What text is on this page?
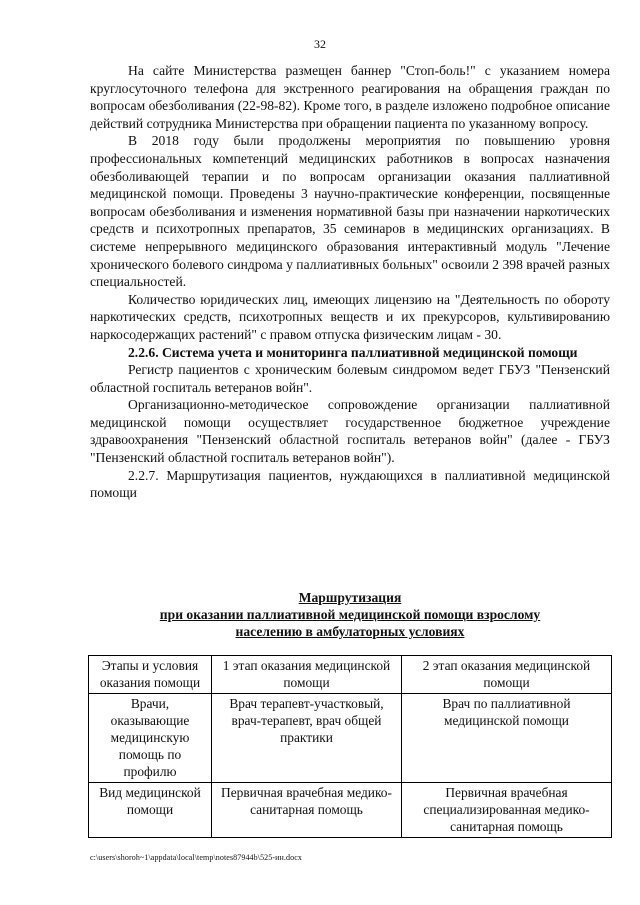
32

На сайте Министерства размещен баннер "Стоп-боль!" с указанием номера круглосуточного телефона для экстренного реагирования на обращения граждан по вопросам обезболивания (22-98-82). Кроме того, в разделе изложено подробное описание действий сотрудника Министерства при обращении пациента по указанному вопросу.

В 2018 году были продолжены мероприятия по повышению уровня профессиональных компетенций медицинских работников в вопросах назначения обезболивающей терапии и по вопросам организации оказания паллиативной медицинской помощи. Проведены 3 научно-практические конференции, посвященные вопросам обезболивания и изменения нормативной базы при назначении наркотических средств и психотропных препаратов, 35 семинаров в медицинских организациях. В системе непрерывного медицинского образования интерактивный модуль "Лечение хронического болевого синдрома у паллиативных больных" освоили 2 398 врачей разных специальностей.

Количество юридических лиц, имеющих лицензию на "Деятельность по обороту наркотических средств, психотропных веществ и их прекурсоров, культивированию наркосодержащих растений" с правом отпуска физическим лицам - 30.

2.2.6. Система учета и мониторинга паллиативной медицинской помощи

Регистр пациентов с хроническим болевым синдромом ведет ГБУЗ "Пензенский областной госпиталь ветеранов войн".

Организационно-методическое сопровождение организации паллиативной медицинской помощи осуществляет государственное бюджетное учреждение здравоохранения "Пензенский областной госпиталь ветеранов войн" (далее - ГБУЗ "Пензенский областной госпиталь ветеранов войн").

2.2.7. Маршрутизация пациентов, нуждающихся в паллиативной медицинской помощи

Маршрутизация
при оказании паллиативной медицинской помощи взрослому
населению в амбулаторных условиях
Этапы и условия оказания помощи	1 этап оказания медицинской помощи	2 этап оказания медицинской помощи
Врачи, оказывающие медицинскую помощь по профилю	Врач терапевт-участковый, врач-терапевт, врач общей практики	Врач по паллиативной медицинской помощи
Вид медицинской помощи	Первичная врачебная медико-санитарная помощь	Первичная врачебная специализированная медико-санитарная помощь
c:\users\shoroh~1\appdata\local\temp\notes87944b\525-ин.docx
